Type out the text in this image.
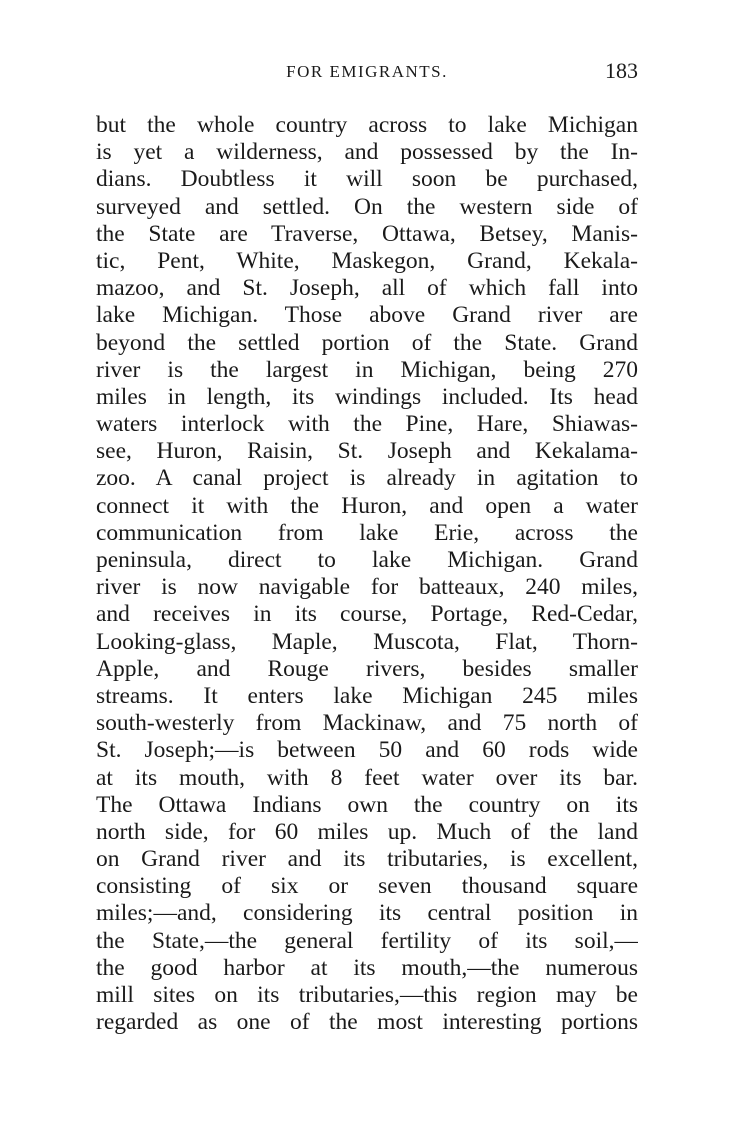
FOR EMIGRANTS.	183
but the whole country across to lake Michigan
is yet a wilderness, and possessed by the In-
dians. Doubtless it will soon be purchased,
surveyed and settled. On the western side of
the State are Traverse, Ottawa, Betsey, Manis-
tic, Pent, White, Maskegon, Grand, Kekala-
mazoo, and St. Joseph, all of which fall into
lake Michigan. Those above Grand river are
beyond the settled portion of the State. Grand
river is the largest in Michigan, being 270
miles in length, its windings included. Its head
waters interlock with the Pine, Hare, Shiawas-
see, Huron, Raisin, St. Joseph and Kekalama-
zoo. A canal project is already in agitation to
connect it with the Huron, and open a water
communication from lake Erie, across the
peninsula, direct to lake Michigan. Grand
river is now navigable for batteaux, 240 miles,
and receives in its course, Portage, Red-Cedar,
Looking-glass, Maple, Muscota, Flat, Thorn-
Apple, and Rouge rivers, besides smaller
streams. It enters lake Michigan 245 miles
south-westerly from Mackinaw, and 75 north of
St. Joseph;—is between 50 and 60 rods wide
at its mouth, with 8 feet water over its bar.
The Ottawa Indians own the country on its
north side, for 60 miles up. Much of the land
on Grand river and its tributaries, is excellent,
consisting of six or seven thousand square
miles;—and, considering its central position in
the State,—the general fertility of its soil,—
the good harbor at its mouth,—the numerous
mill sites on its tributaries,—this region may be
regarded as one of the most interesting portions
